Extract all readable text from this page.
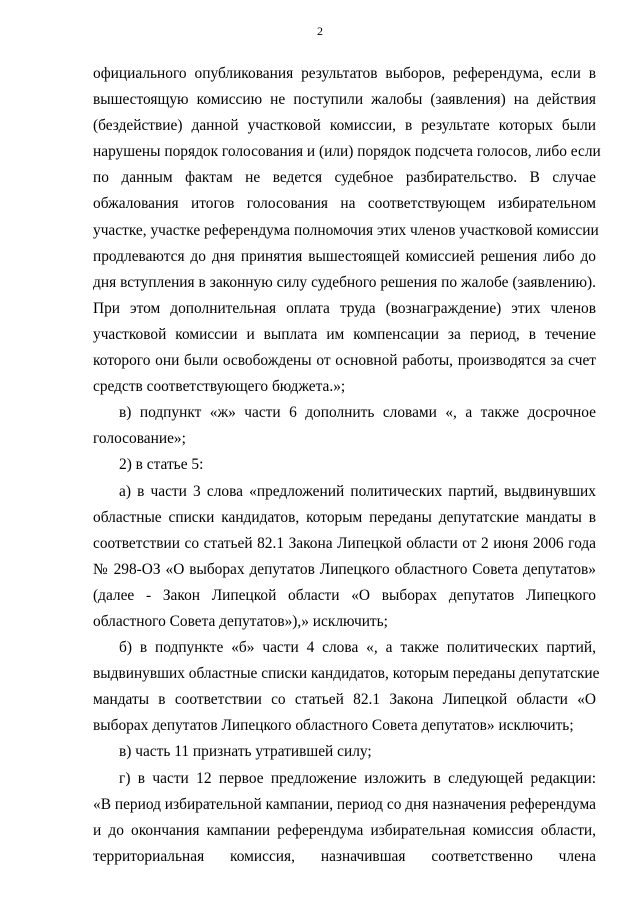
2
официального опубликования результатов выборов, референдума, если в
вышестоящую комиссию не поступили жалобы (заявления) на действия
(бездействие) данной участковой комиссии, в результате которых были
нарушены порядок голосования и (или) порядок подсчета голосов, либо если
по данным фактам не ведется судебное разбирательство. В случае
обжалования итогов голосования на соответствующем избирательном
участке, участке референдума полномочия этих членов участковой комиссии
продлеваются до дня принятия вышестоящей комиссией решения либо до
дня вступления в законную силу судебного решения по жалобе (заявлению).
При этом дополнительная оплата труда (вознаграждение) этих членов
участковой комиссии и выплата им компенсации за период, в течение
которого они были освобождены от основной работы, производятся за счет
средств соответствующего бюджета.»;
в) подпункт «ж» части 6 дополнить словами «, а также досрочное
голосование»;
2) в статье 5:
а) в части 3 слова «предложений политических партий, выдвинувших
областные списки кандидатов, которым переданы депутатские мандаты в
соответствии со статьей 82.1 Закона Липецкой области от 2 июня 2006 года
№ 298-ОЗ «О выборах депутатов Липецкого областного Совета депутатов»
(далее - Закон Липецкой области «О выборах депутатов Липецкого
областного Совета депутатов»),» исключить;
б) в подпункте «б» части 4 слова «, а также политических партий,
выдвинувших областные списки кандидатов, которым переданы депутатские
мандаты в соответствии со статьей 82.1 Закона Липецкой области «О
выборах депутатов Липецкого областного Совета депутатов» исключить;
в) часть 11 признать утратившей силу;
г) в части 12 первое предложение изложить в следующей редакции:
«В период избирательной кампании, период со дня назначения референдума
и до окончания кампании референдума избирательная комиссия области,
территориальная комиссия, назначившая соответственно члена
